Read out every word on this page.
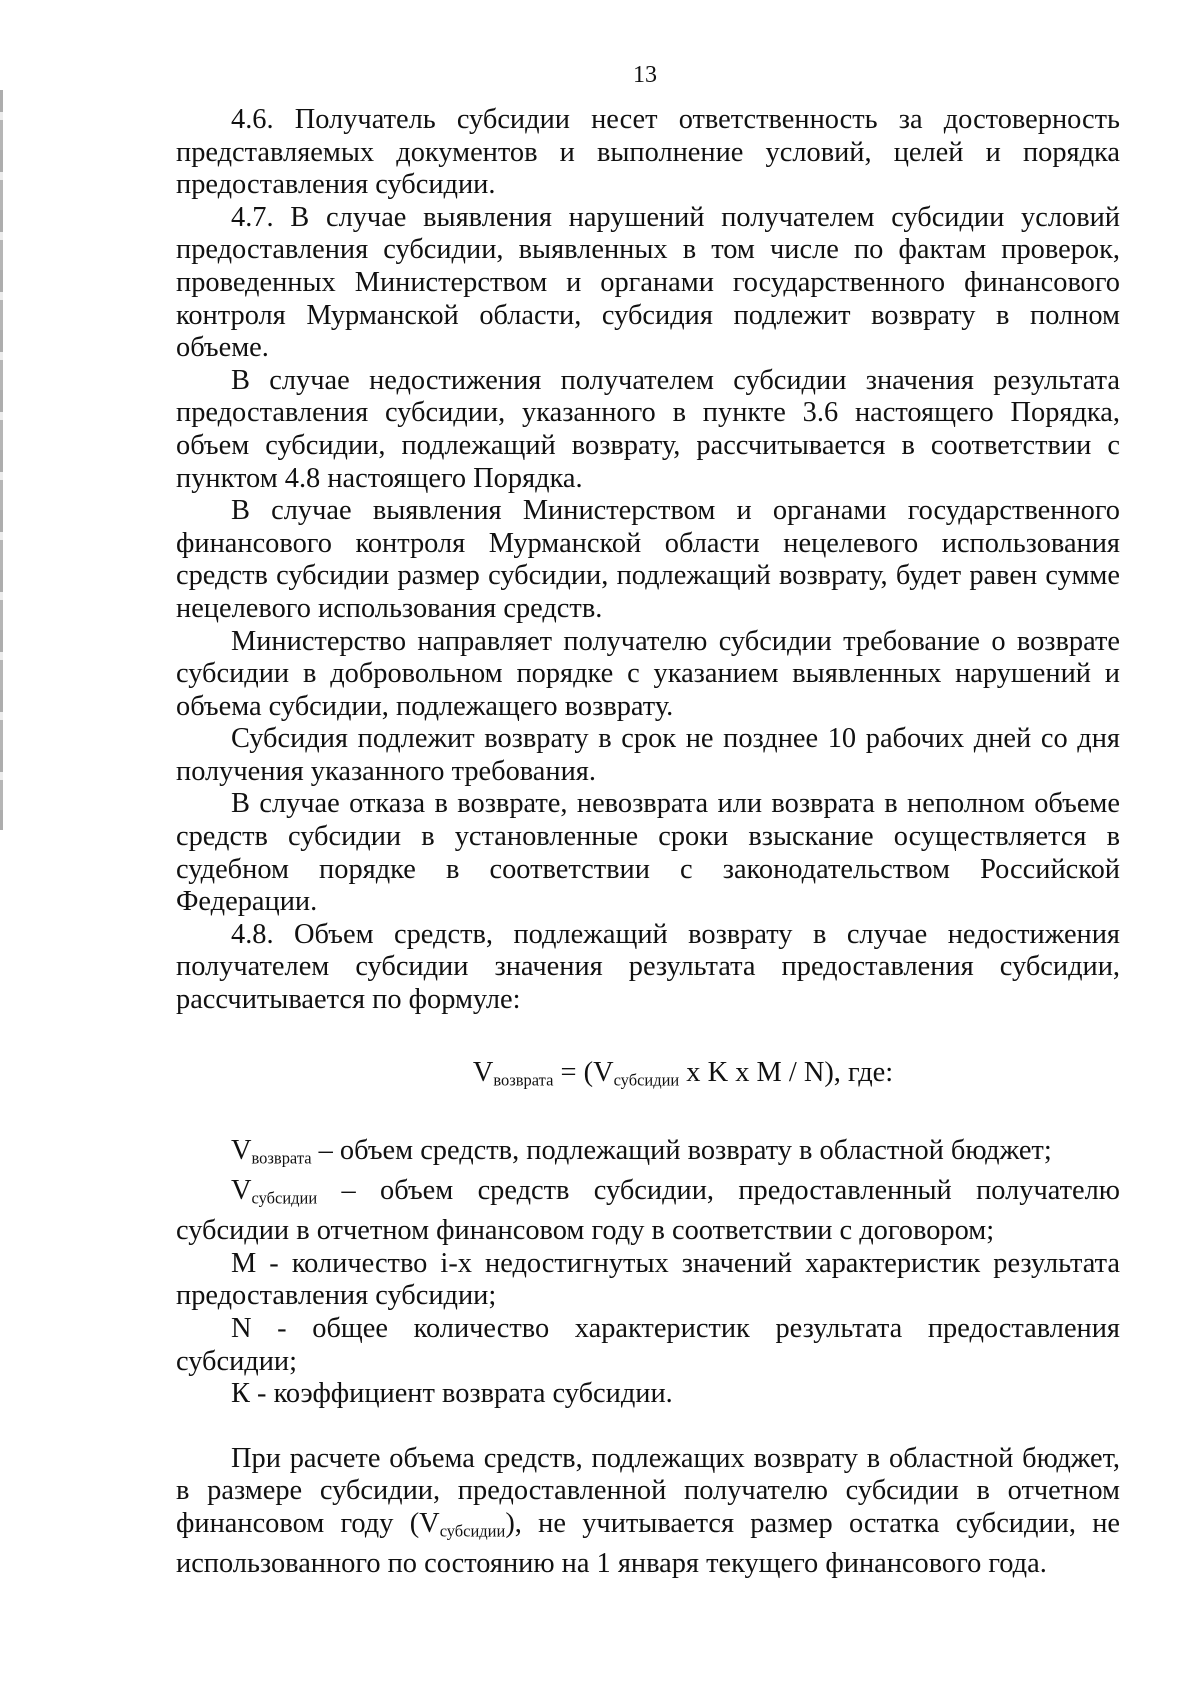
13

4.6. Получатель субсидии несет ответственность за достоверность представляемых документов и выполнение условий, целей и порядка предоставления субсидии.

4.7. В случае выявления нарушений получателем субсидии условий предоставления субсидии, выявленных в том числе по фактам проверок, проведенных Министерством и органами государственного финансового контроля Мурманской области, субсидия подлежит возврату в полном объеме.

В случае недостижения получателем субсидии значения результата предоставления субсидии, указанного в пункте 3.6 настоящего Порядка, объем субсидии, подлежащий возврату, рассчитывается в соответствии с пунктом 4.8 настоящего Порядка.

В случае выявления Министерством и органами государственного финансового контроля Мурманской области нецелевого использования средств субсидии размер субсидии, подлежащий возврату, будет равен сумме нецелевого использования средств.

Министерство направляет получателю субсидии требование о возврате субсидии в добровольном порядке с указанием выявленных нарушений и объема субсидии, подлежащего возврату.

Субсидия подлежит возврату в срок не позднее 10 рабочих дней со дня получения указанного требования.

В случае отказа в возврате, невозврата или возврата в неполном объеме средств субсидии в установленные сроки взыскание осуществляется в судебном порядке в соответствии с законодательством Российской Федерации.

4.8. Объем средств, подлежащий возврату в случае недостижения получателем субсидии значения результата предоставления субсидии, рассчитывается по формуле:

$V_{возврата} = (V_{субсидии}$ x K x M / N), где:

$V_{возврата}$ – объем средств, подлежащий возврату в областной бюджет;

$V_{субсидии}$ – объем средств субсидии, предоставленный получателю субсидии в отчетном финансовом году в соответствии с договором;

М - количество i-х недостигнутых значений характеристик результата предоставления субсидии;

N - общее количество характеристик результата предоставления субсидии;

К - коэффициент возврата субсидии.

При расчете объема средств, подлежащих возврату в областной бюджет, в размере субсидии, предоставленной получателю субсидии в отчетном финансовом году $(V_{субсидии})$, не учитывается размер остатка субсидии, не использованного по состоянию на 1 января текущего финансового года.
